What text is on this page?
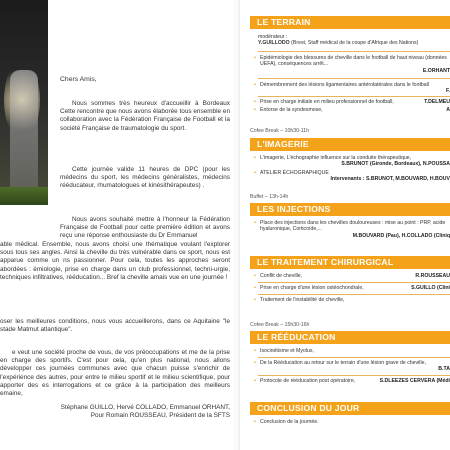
Chers Amis,

Nous sommes très heureux d'accueillir à Bordeaux Cette rencontre que nous avons élaborée tous ensemble en collaboration avec la Fédération Française de Football et la société Française de traumatologie du sport.

Cette journée valide 11 heures de DPC (pour les médecins du sport, les médecins généralistes, médecins rééducateur, rhumatologues et kinésithérapeutes) .

Nous avons souhaité mettre à l'honneur la Fédération Française de Football pour cette première édition et avons reçu une réponse enthousiaste du Dr Emmanuel

able médical. Ensemble, nous avons choisi une thématique voulant l'explorer sous tous ses angles. Ainsi la cheville du très vulnérable dans ce sport, nous est apparue comme un ns passionner. Pour cela, toutes les approches seront abordées : émiologie, prise en charge dans un club professionnel, techni-urgie, techniques infiltratives, rééducation... Bref la cheville amais vue en une journée !

oser les meilleures conditions, nous vous accueillerons, dans ce Aquitaine "le stade Matmut atlantique".

e veut une société proche de vous, de vos préoccupations et me de la prise en charge des sportifs. C'est pour cela, qu'en plus national, nous allons développer ces journées communes avec que chacun puisse s'enrichir de l'expérience des autres, pour entre le milieu sportif et le milieu scientifique, pour apporter des es interrogations et ce grâce à la participation des meilleurs emaine,

Stéphane GUILLO, Hervé COLLADO, Emmanuel ORHANT,
Pour Romain ROUSSEAU, Président de la SFTS
LE TERRAIN
modérateur :
Y.GUILLODO (Brest, Staff médical de la coupe d'Afrique des Nations)
• Epidémiologie des blessures de cheville dans le football de haut niveau (données UEFA), conséquences arrêt...
E.ORHANT
• Démembrement des lésions ligamentaires antérolatérales dans le football
F.
• Prise en charge initiale en milieu professionnel de football,	T.DELMEU
• Entorse de la syndesmose,	A
Cofee Break – 10h30-11h
L'IMAGERIE
• L'imagerie, L'échographie influence sur la conduite thérapeutique,
S.BRUNOT (Gironde, Bordeaux), N.POUSSA
• ATELIER ÉCHOGRAPHIQUE
Intervenants : S.BRUNOT, M.BOUVARD, H.BOUV
Buffet – 13h-14h
LES INJECTIONS
• Place des injections dans les chevilles douloureuses : mise au point : PRP, acide hyaluronique, Corticoïde,...
M.BOUVARD (Pau), H.COLLADO (Cliniq
LE TRAITEMENT CHIRURGICAL
• Conflit de cheville,	R.ROUSSEAU
• Prise en charge d'une lésion ostéochondrale,	S.GUILLO (Clini
• Traitement de l'instabilité de cheville,
Cofee Break – 15h30-16h
LE RÉÉDUCATION
• Isocinétisme et Myolus,
• De la Rééducation au retour sur le terrain d'une lésion grave de cheville,
B.TA
• Protocole de rééducation post opératoire,	S.DLEEZES CERVERA (Médi
CONCLUSION DU JOUR
• Conclusion de la journée.
